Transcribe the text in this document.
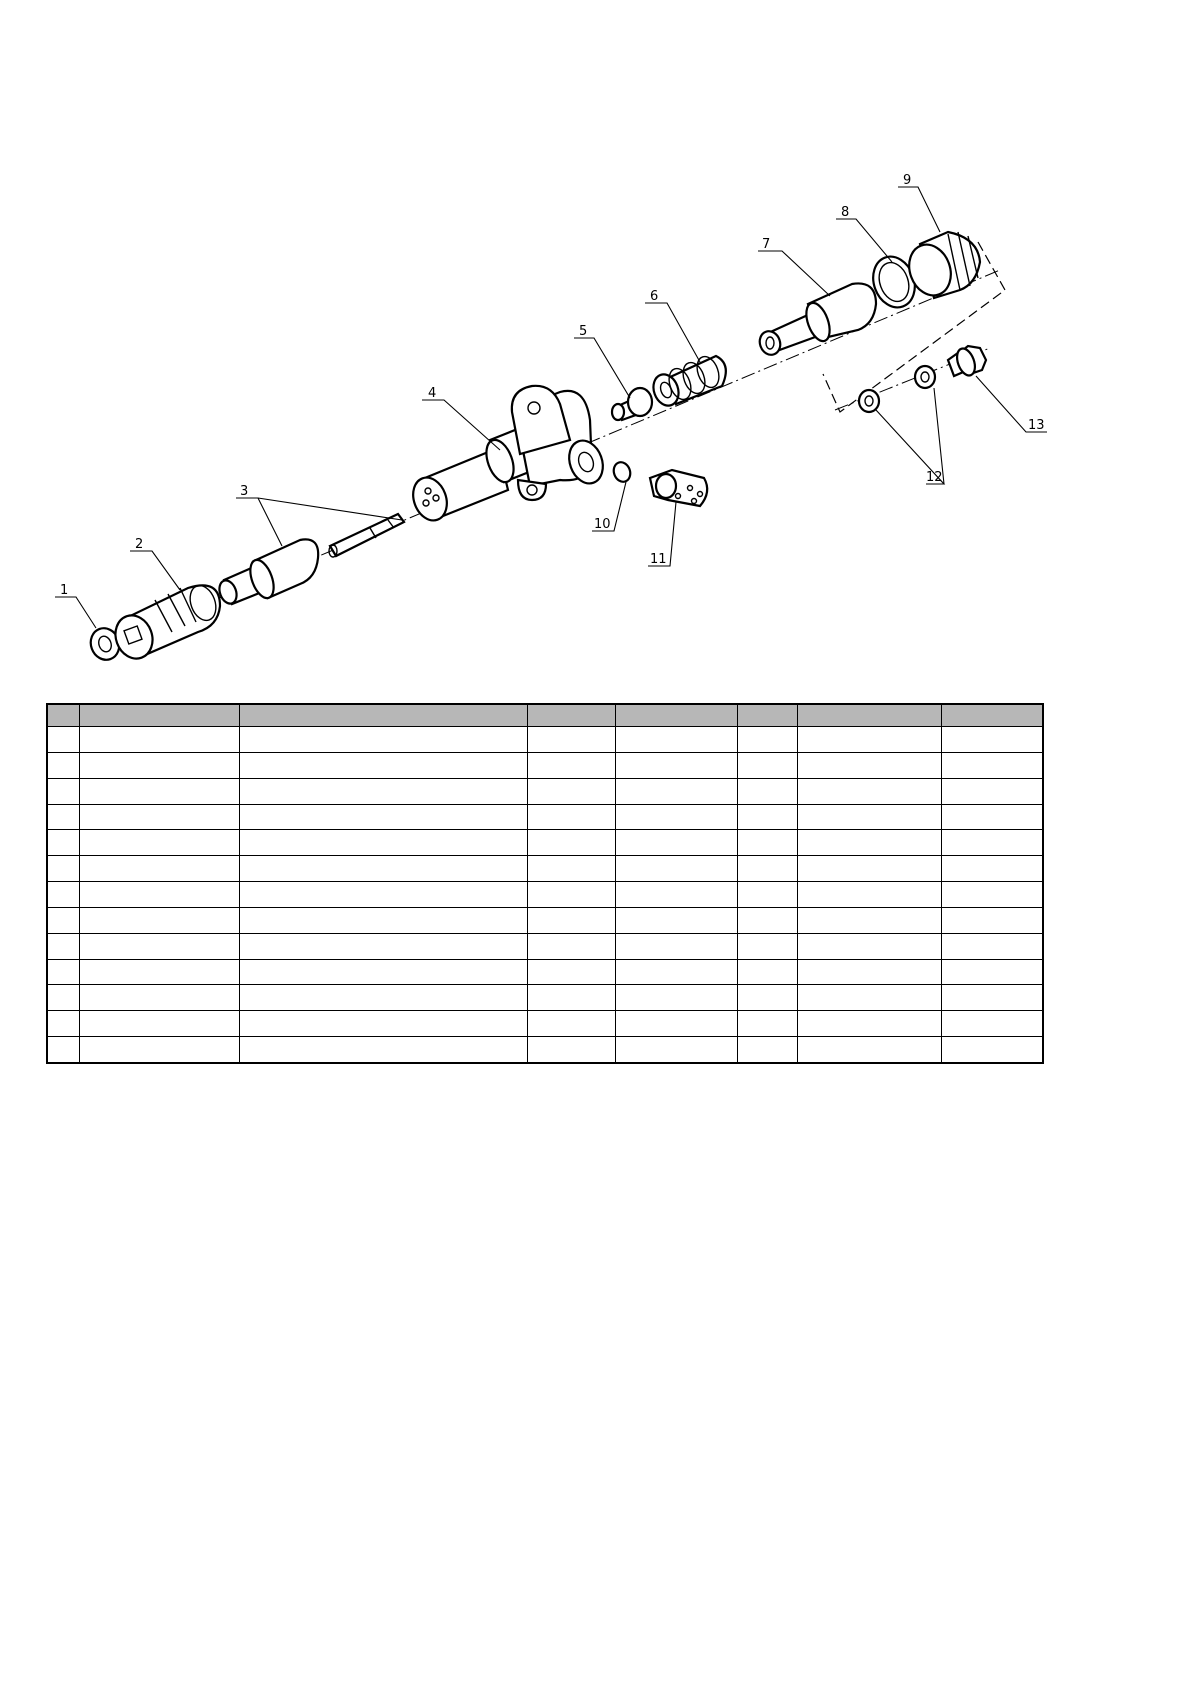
1
2
3
4
5
6
7
8
9
10
11
12
13
